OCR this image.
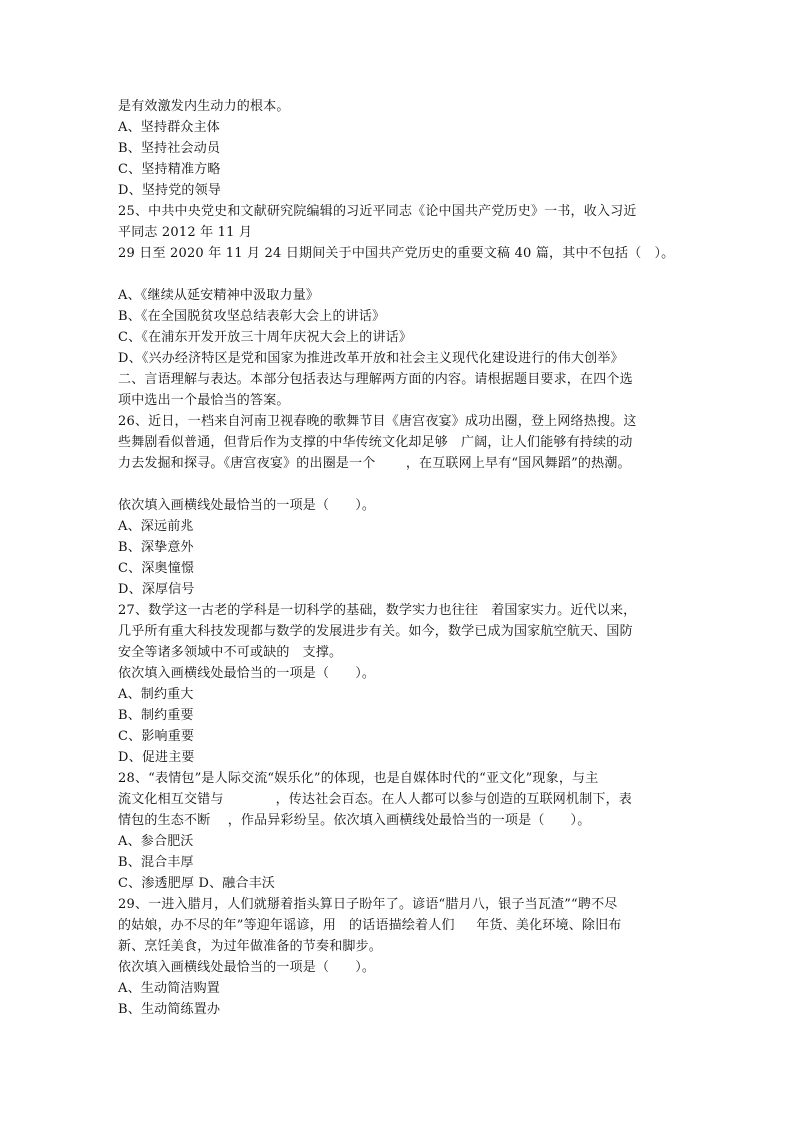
是有效激发内生动力的根本。
A、坚持群众主体
B、坚持社会动员
C、坚持精准方略
D、坚持党的领导
25、中共中央党史和文献研究院编辑的习近平同志《论中国共产党历史》一书，收入习近
平同志 2012 年 11 月
29 日至 2020 年 11 月 24 日期间关于中国共产党历史的重要文稿 40 篇，其中不包括（   ）。
A、《继续从延安精神中汲取力量》
B、《在全国脱贫攻坚总结表彰大会上的讲话》
C、《在浦东开发开放三十周年庆祝大会上的讲话》
D、《兴办经济特区是党和国家为推进改革开放和社会主义现代化建设进行的伟大创举》
二、言语理解与表达。本部分包括表达与理解两方面的内容。请根据题目要求，在四个选
项中选出一个最恰当的答案。
26、近日，一档来自河南卫视春晚的歌舞节目《唐宫夜宴》成功出圈，登上网络热搜。这
些舞剧看似普通，但背后作为支撑的中华传统文化却足够   广阔，让人们能够有持续的动
力去发掘和探寻。《唐宫夜宴》的出圈是一个       ，在互联网上早有“国风舞蹈”的热潮。
依次填入画横线处最恰当的一项是（      ）。
A、深远前兆
B、深挚意外
C、深奥憧憬
D、深厚信号
27、数学这一古老的学科是一切科学的基础，数学实力也往往   着国家实力。近代以来，
几乎所有重大科技发现都与数学的发展进步有关。如今，数学已成为国家航空航天、国防
安全等诸多领域中不可或缺的   支撑。
依次填入画横线处最恰当的一项是（      ）。
A、制约重大
B、制约重要
C、影响重要
D、促进主要
28、“表情包”是人际交流“娱乐化”的体现，也是自媒体时代的“亚文化”现象，与主
流文化相互交错与            ，传达社会百态。在人人都可以参与创造的互联网机制下，表
情包的生态不断    ，作品异彩纷呈。依次填入画横线处最恰当的一项是（      ）。
A、参合肥沃
B、混合丰厚
C、渗透肥厚 D、融合丰沃
29、一进入腊月，人们就掰着指头算日子盼年了。谚语“腊月八，银子当瓦渣”“聘不尽
的姑娘，办不尽的年”等迎年谣谚，用   的话语描绘着人们     年货、美化环境、除旧布
新、烹饪美食，为过年做准备的节奏和脚步。
依次填入画横线处最恰当的一项是（      ）。
A、生动简洁购置
B、生动简练置办
